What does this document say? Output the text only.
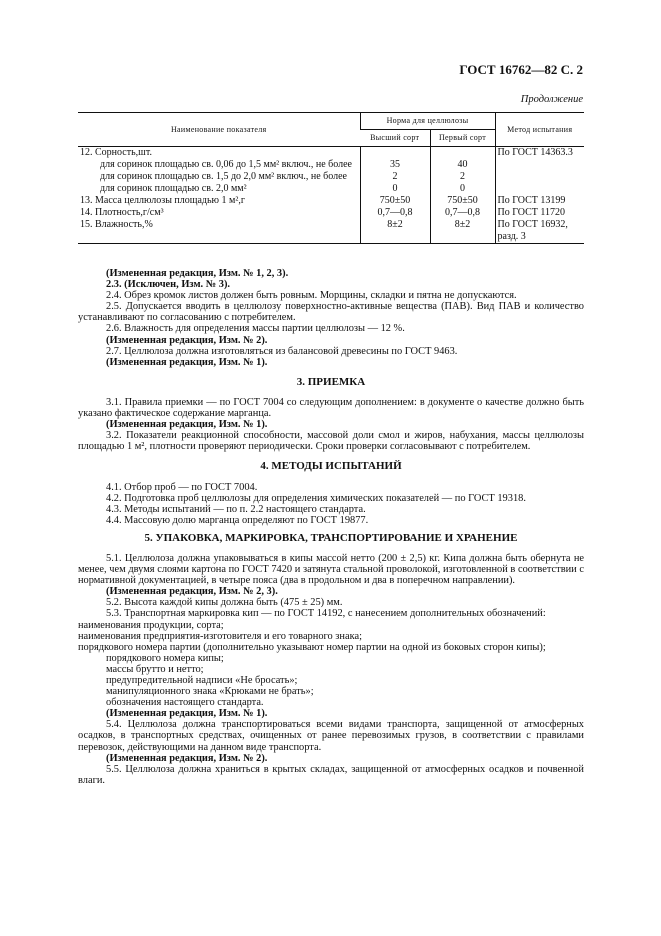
ГОСТ 16762—82 С. 2
Продолжение
Наименование показателя	Норма для целлюлозы		Метод испытания
	Высший сорт	Первый сорт	
12. Сорность,шт.			По ГОСТ 14363.3
для соринок площадью св. 0,06 до 1,5 мм² включ., не более	35	40	
для соринок площадью св. 1,5 до 2,0 мм² включ., не более	2	2	
для соринок площадью св. 2,0 мм²	0	0	
13. Масса целлюлозы площадью 1 м²,г	750±50	750±50	По ГОСТ 13199
14. Плотность,г/см³	0,7—0,8	0,7—0,8	По ГОСТ 11720
15. Влажность,%	8±2	8±2	По ГОСТ 16932, разд. 3

(Измененная редакция, Изм. № 1, 2, 3).

2.3. (Исключен, Изм. № 3).

2.4. Обрез кромок листов должен быть ровным. Морщины, складки и пятна не допускаются.

2.5. Допускается вводить в целлюлозу поверхностно-активные вещества (ПАВ). Вид ПАВ и количество устанавливают по согласованию с потребителем.

2.6. Влажность для определения массы партии целлюлозы — 12 %.

(Измененная редакция, Изм. № 2).

2.7. Целлюлоза должна изготовляться из балансовой древесины по ГОСТ 9463.

(Измененная редакция, Изм. № 1).

3. ПРИЕМКА

3.1. Правила приемки — по ГОСТ 7004 со следующим дополнением: в документе о качестве должно быть указано фактическое содержание марганца.

(Измененная редакция, Изм. № 1).

3.2. Показатели реакционной способности, массовой доли смол и жиров, набухания, массы целлюлозы площадью 1 м², плотности проверяют периодически. Сроки проверки согласовывают с потребителем.

4. МЕТОДЫ ИСПЫТАНИЙ

4.1. Отбор проб — по ГОСТ 7004.

4.2. Подготовка проб целлюлозы для определения химических показателей — по ГОСТ 19318.

4.3. Методы испытаний — по п. 2.2 настоящего стандарта.

4.4. Массовую долю марганца определяют по ГОСТ 19877.

5. УПАКОВКА, МАРКИРОВКА, ТРАНСПОРТИРОВАНИЕ И ХРАНЕНИЕ

5.1. Целлюлоза должна упаковываться в кипы массой нетто (200 ± 2,5) кг. Кипа должна быть обернута не менее, чем двумя слоями картона по ГОСТ 7420 и затянута стальной проволокой, изготовленной в соответствии с нормативной документацией, в четыре пояса (два в продольном и два в поперечном направлении).

(Измененная редакция, Изм. № 2, 3).

5.2. Высота каждой кипы должна быть (475 ± 25) мм.

5.3. Транспортная маркировка кип — по ГОСТ 14192, с нанесением дополнительных обозначений:

наименования продукции, сорта;

наименования предприятия-изготовителя и его товарного знака;

порядкового номера партии (дополнительно указывают номер партии на одной из боковых сторон кипы);

порядкового номера кипы;

массы брутто и нетто;

предупредительной надписи «Не бросать»;

манипуляционного знака «Крюками не брать»;

обозначения настоящего стандарта.

(Измененная редакция, Изм. № 1).

5.4. Целлюлоза должна транспортироваться всеми видами транспорта, защищенной от атмосферных осадков, в транспортных средствах, очищенных от ранее перевозимых грузов, в соответствии с правилами перевозок, действующими на данном виде транспорта.

(Измененная редакция, Изм. № 2).

5.5. Целлюлоза должна храниться в крытых складах, защищенной от атмосферных осадков и почвенной влаги.
